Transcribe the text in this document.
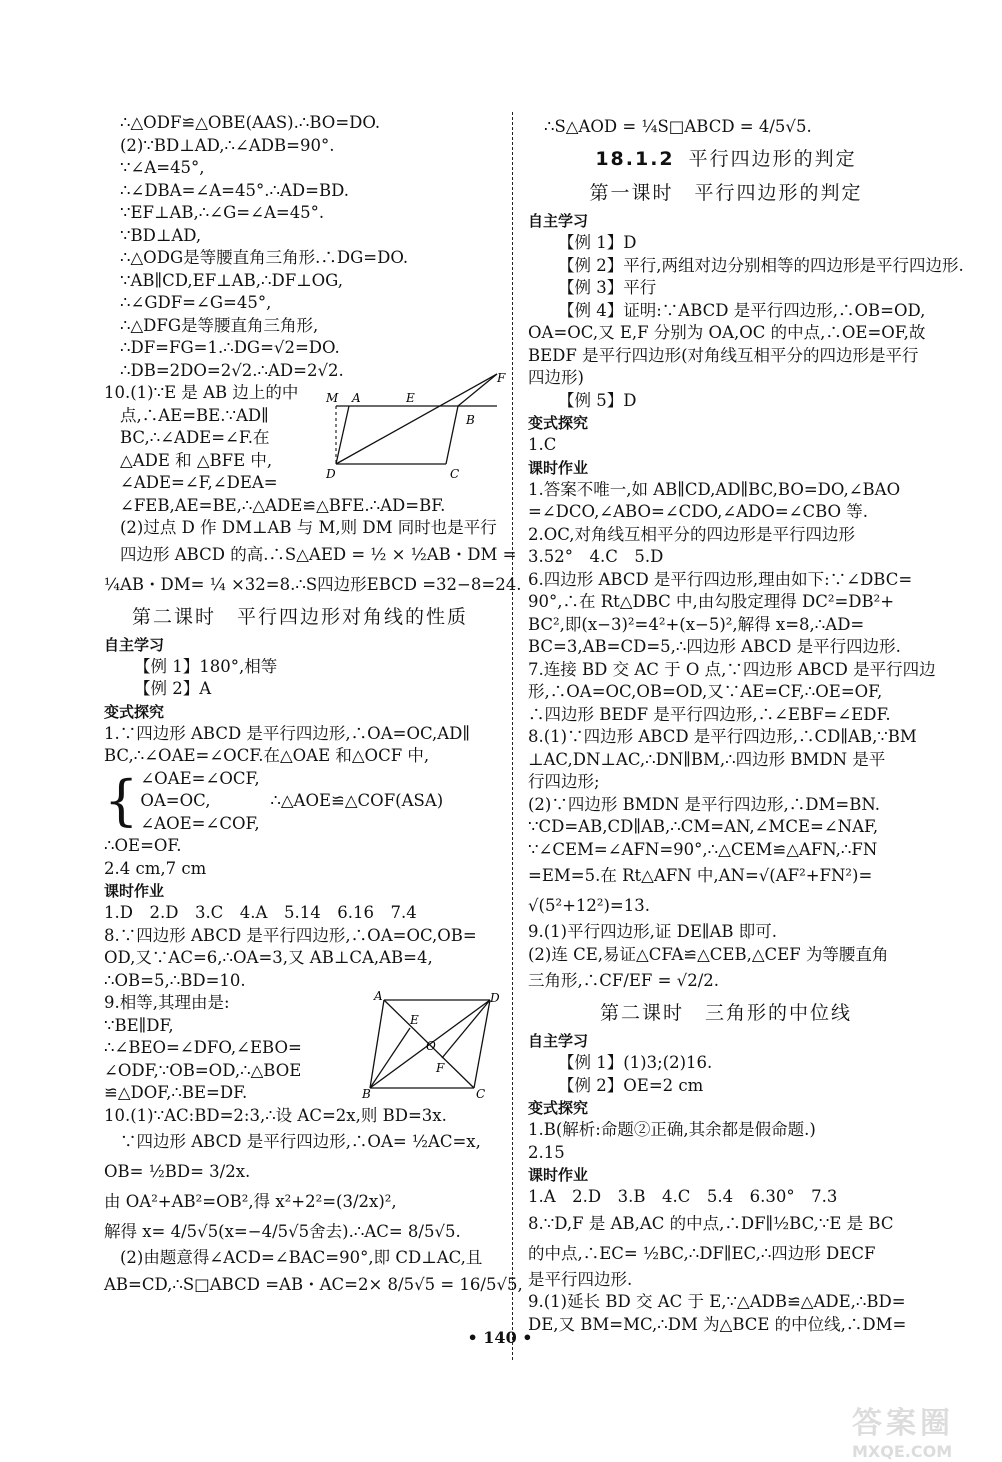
∴△ODF≌△OBE(AAS).∴BO=DO.
(2)∵BD⊥AD,∴∠ADB=90°.
∵∠A=45°,
∴∠DBA=∠A=45°.∴AD=BD.
∵EF⊥AB,∴∠G=∠A=45°.
∵BD⊥AD,
∴△ODG是等腰直角三角形.∴DG=DO.
∵AB∥CD,EF⊥AB,∴DF⊥OG,
∴∠GDF=∠G=45°,
∴△DFG是等腰直角三角形,
∴DF=FG=1.∴DG=√2=DO.
∴DB=2DO=2√2.∴AD=2√2.
10.(1)∵E 是 AB 边上的中
点,∴AE=BE.∵AD∥
BC,∴∠ADE=∠F.在
△ADE 和 △BFE 中,
∠ADE=∠F,∠DEA=
M A	E
F
B
D	C
∠FEB,AE=BE,∴△ADE≌△BFE.∴AD=BF.
(2)过点 D 作 DM⊥AB 与 M,则 DM 同时也是平行
四边形 ABCD 的高.∴S△AED = ½ × ½AB・DM =
¼AB・DM= ¼ ×32=8.∴S四边形EBCD =32−8=24.
第二课时　平行四边形对角线的性质
自主学习
【例 1】180°,相等
【例 2】A
变式探究
1.∵四边形 ABCD 是平行四边形,∴OA=OC,AD∥
BC,∴∠OAE=∠OCF.在△OAE 和△OCF 中,
{ ∠OAE=∠OCF,
OA=OC,
∠AOE=∠COF,
∴△AOE≌△COF(ASA)
∴OE=OF.
2.4 cm,7 cm
课时作业
1.D　2.D　3.C　4.A　5.14　6.16　7.4
8.∵四边形 ABCD 是平行四边形,∴OA=OC,OB=
OD,又∵AC=6,∴OA=3,又 AB⊥CA,AB=4,
∴OB=5,∴BD=10.
9.相等,其理由是:
∵BE∥DF,
∴∠BEO=∠DFO,∠EBO=
∠ODF,∵OB=OD,∴△BOE
≌△DOF,∴BE=DF.
A	D
E
O
F
B	C
10.(1)∵AC:BD=2:3,∴设 AC=2x,则 BD=3x.
∵四边形 ABCD 是平行四边形,∴OA= ½AC=x,
OB= ½BD= 3/2x.
由 OA²+AB²=OB²,得 x²+2²=(3/2x)²,
解得 x= 4/5√5(x=−4/5√5舍去).∴AC= 8/5√5.
(2)由题意得∠ACD=∠BAC=90°,即 CD⊥AC,且
AB=CD,∴S□ABCD =AB・AC=2× 8/5√5 = 16/5√5,
∴S△AOD = ¼S□ABCD = 4/5√5.
18.1.2 平行四边形的判定
第一课时　平行四边形的判定
自主学习
【例 1】D
【例 2】平行,两组对边分别相等的四边形是平行四边形.
【例 3】平行
【例 4】证明:∵ABCD 是平行四边形,∴OB=OD,
OA=OC,又 E,F 分别为 OA,OC 的中点,∴OE=OF,故
BEDF 是平行四边形(对角线互相平分的四边形是平行
四边形)
【例 5】D
变式探究
1.C
课时作业
1.答案不唯一,如 AB∥CD,AD∥BC,BO=DO,∠BAO
=∠DCO,∠ABO=∠CDO,∠ADO=∠CBO 等.
2.OC,对角线互相平分的四边形是平行四边形
3.52°　4.C　5.D
6.四边形 ABCD 是平行四边形,理由如下:∵∠DBC=
90°,∴在 Rt△DBC 中,由勾股定理得 DC²=DB²+
BC²,即(x−3)²=4²+(x−5)²,解得 x=8,∴AD=
BC=3,AB=CD=5,∴四边形 ABCD 是平行四边形.
7.连接 BD 交 AC 于 O 点,∵四边形 ABCD 是平行四边
形,∴OA=OC,OB=OD,又∵AE=CF,∴OE=OF,
∴四边形 BEDF 是平行四边形,∴∠EBF=∠EDF.
8.(1)∵四边形 ABCD 是平行四边形,∴CD∥AB,∵BM
⊥AC,DN⊥AC,∴DN∥BM,∴四边形 BMDN 是平
行四边形;
(2)∵四边形 BMDN 是平行四边形,∴DM=BN.
∵CD=AB,CD∥AB,∴CM=AN,∠MCE=∠NAF,
∵∠CEM=∠AFN=90°,∴△CEM≌△AFN,∴FN
=EM=5.在 Rt△AFN 中,AN=√(AF²+FN²)=
√(5²+12²)=13.
9.(1)平行四边形,证 DE∥AB 即可.
(2)连 CE,易证△CFA≌△CEB,△CEF 为等腰直角
三角形,∴CF/EF = √2/2.
第二课时　三角形的中位线
自主学习
【例 1】(1)3;(2)16.
【例 2】OE=2 cm
变式探究
1.B(解析:命题②正确,其余都是假命题.)
2.15
课时作业
1.A　2.D　3.B　4.C　5.4　6.30°　7.3
8.∵D,F 是 AB,AC 的中点,∴DF∥½BC,∵E 是 BC
的中点,∴EC= ½BC,∴DF∥EC,∴四边形 DECF
是平行四边形.
9.(1)延长 BD 交 AC 于 E,∵△ADB≌△ADE,∴BD=
DE,又 BM=MC,∴DM 为△BCE 的中位线,∴DM=
• 140 •
答案圈
MXQE.COM
